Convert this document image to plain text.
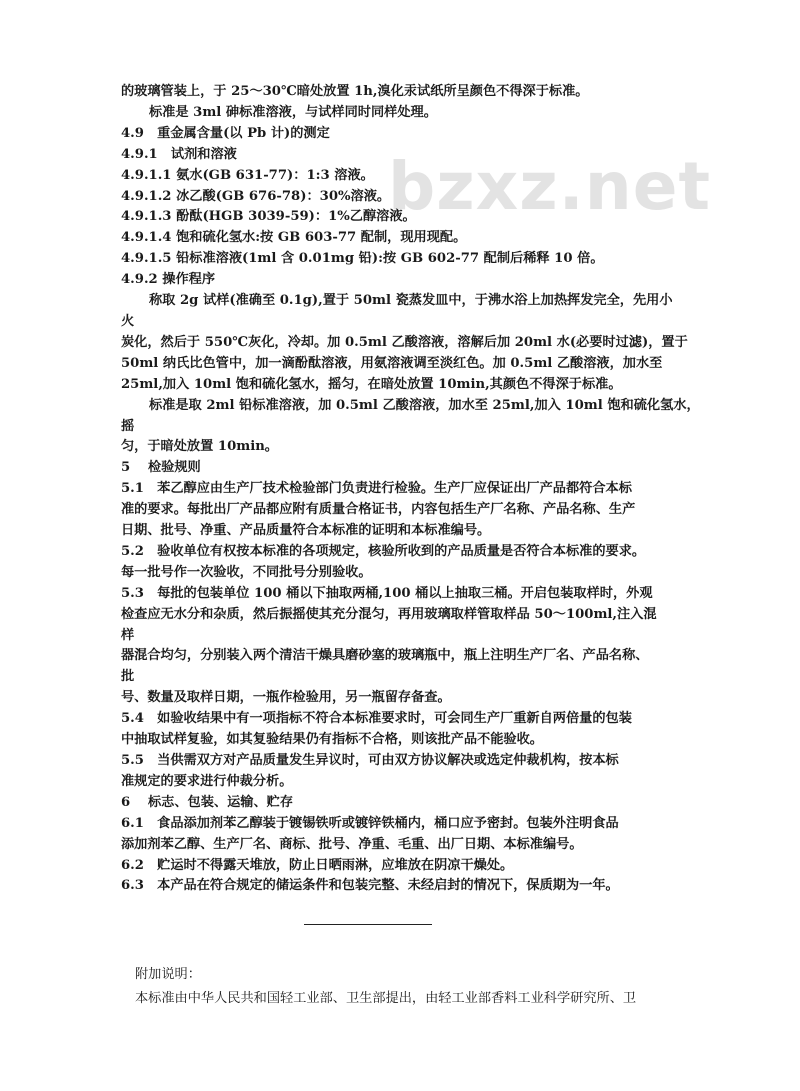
bzxz.net

的玻璃管装上，于 25～30℃暗处放置 1h,溴化汞试纸所呈颜色不得深于标准。

标准是 3ml 砷标准溶液，与试样同时同样处理。

4.9　重金属含量(以 Pb 计)的测定

4.9.1　试剂和溶液

4.9.1.1 氨水(GB 631-77)：1:3 溶液。

4.9.1.2 冰乙酸(GB 676-78)：30%溶液。

4.9.1.3 酚酞(HGB 3039-59)：1%乙醇溶液。

4.9.1.4 饱和硫化氢水:按 GB 603-77 配制，现用现配。

4.9.1.5 铅标准溶液(1ml 含 0.01mg 铅):按 GB 602-77 配制后稀释 10 倍。

4.9.2 操作程序

称取 2g 试样(准确至 0.1g),置于 50ml 瓷蒸发皿中，于沸水浴上加热挥发完全，先用小

火

炭化，然后于 550℃灰化，冷却。加 0.5ml 乙酸溶液，溶解后加 20ml 水(必要时过滤)，置于

50ml 纳氏比色管中，加一滴酚酞溶液，用氨溶液调至淡红色。加 0.5ml 乙酸溶液，加水至

25ml,加入 10ml 饱和硫化氢水，摇匀，在暗处放置 10min,其颜色不得深于标准。

标准是取 2ml 铅标准溶液，加 0.5ml 乙酸溶液，加水至 25ml,加入 10ml 饱和硫化氢水，

摇

匀，于暗处放置 10min。

5　 检验规则

5.1　苯乙醇应由生产厂技术检验部门负责进行检验。生产厂应保证出厂产品都符合本标

准的要求。每批出厂产品都应附有质量合格证书，内容包括生产厂名称、产品名称、生产

日期、批号、净重、产品质量符合本标准的证明和本标准编号。

5.2　验收单位有权按本标准的各项规定，核验所收到的产品质量是否符合本标准的要求。

每一批号作一次验收，不同批号分别验收。

5.3　每批的包装单位 100 桶以下抽取两桶,100 桶以上抽取三桶。开启包装取样时，外观

检查应无水分和杂质，然后振摇使其充分混匀，再用玻璃取样管取样品 50～100ml,注入混

样

器混合均匀，分别装入两个清洁干燥具磨砂塞的玻璃瓶中，瓶上注明生产厂名、产品名称、

批

号、数量及取样日期，一瓶作检验用，另一瓶留存备查。

5.4　如验收结果中有一项指标不符合本标准要求时，可会同生产厂重新自两倍量的包装

中抽取试样复验，如其复验结果仍有指标不合格，则该批产品不能验收。

5.5　当供需双方对产品质量发生异议时，可由双方协议解决或选定仲裁机构，按本标

准规定的要求进行仲裁分析。

6　 标志、包装、运输、贮存

6.1　食品添加剂苯乙醇装于镀锡铁听或镀锌铁桶内，桶口应予密封。包装外注明食品

添加剂苯乙醇、生产厂名、商标、批号、净重、毛重、出厂日期、本标准编号。

6.2　贮运时不得露天堆放，防止日晒雨淋，应堆放在阴凉干燥处。

6.3　本产品在符合规定的储运条件和包装完整、未经启封的情况下，保质期为一年。

附加说明：

本标准由中华人民共和国轻工业部、卫生部提出，由轻工业部香料工业科学研究所、卫
